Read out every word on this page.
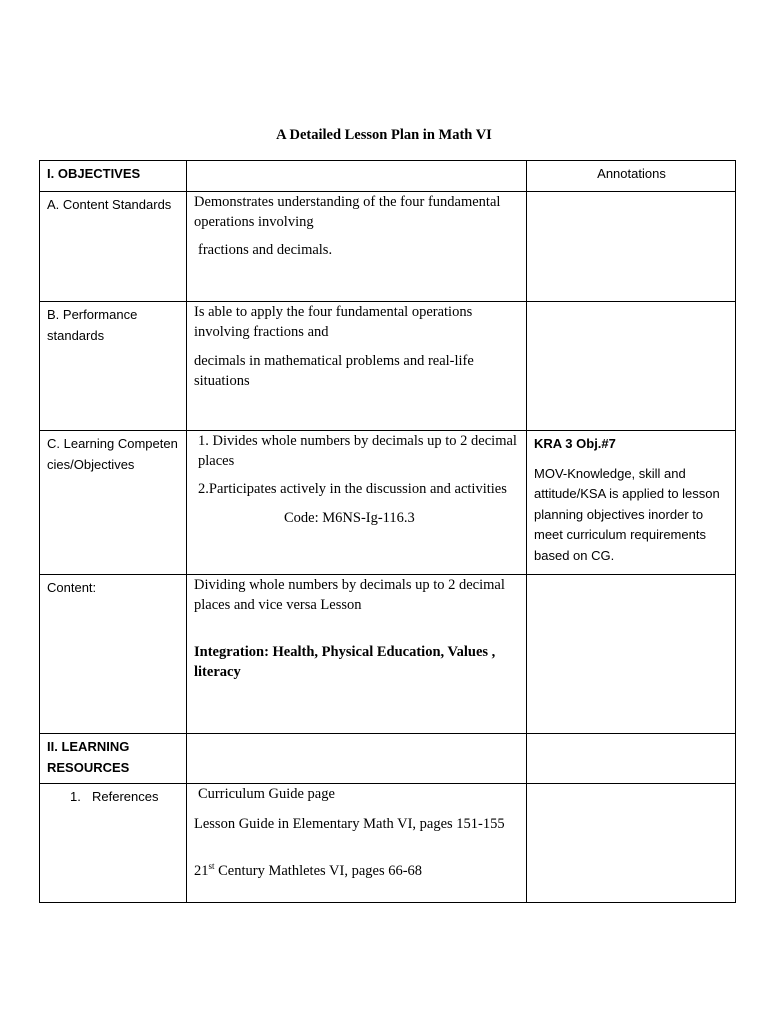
A Detailed Lesson Plan in Math VI
I. OBJECTIVES		Annotations

A. Content Standards	Demonstrates understanding of the four fundamental operations involving
fractions and decimals.	

B. Performance standards	Is able to apply the four fundamental operations involving fractions and
decimals in mathematical problems and real-life situations	

C. Learning Competencies/Objectives	1. Divides whole numbers by decimals up to 2 decimal places
2.Participates actively in the discussion and activities
Code: M6NS-Ig-116.3	KRA 3 Obj.#7
MOV-Knowledge, skill and attitude/KSA is applied to lesson planning objectives inorder to meet curriculum requirements based on CG.

Content:	Dividing whole numbers by decimals up to 2 decimal places and vice versa Lesson
Integration: Health, Physical Education, Values , literacy	

II. LEARNING RESOURCES		

1. References	Curriculum Guide page
Lesson Guide in Elementary Math VI, pages 151-155
21st Century Mathletes VI, pages 66-68	
